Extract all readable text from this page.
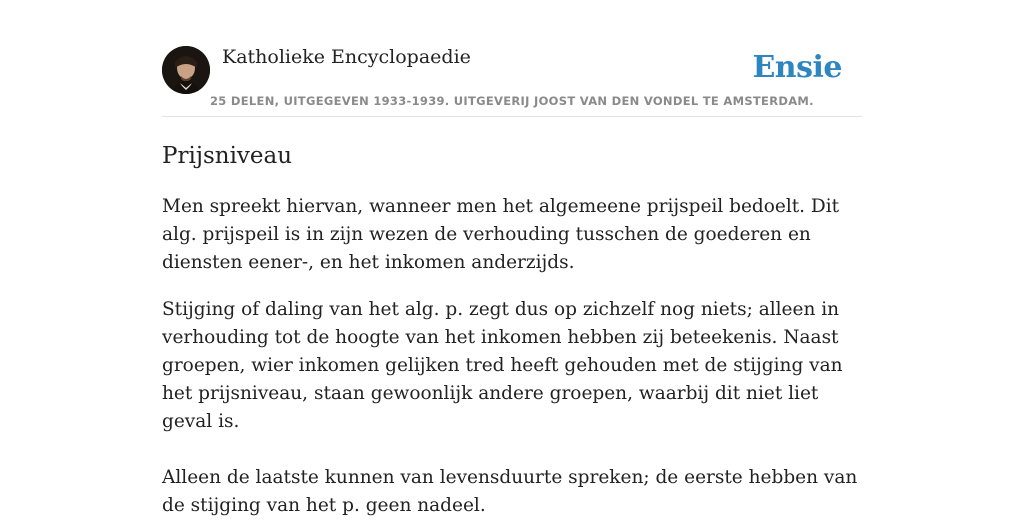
Katholieke Encyclopaedie	Ensie
25 DELEN, UITGEGEVEN 1933-1939. UITGEVERIJ JOOST VAN DEN VONDEL TE AMSTERDAM.
Prijsniveau

Men spreekt hiervan, wanneer men het algemeene prijspeil bedoelt. Dit alg. prijspeil is in zijn wezen de verhouding tusschen de goederen en diensten eener-, en het inkomen anderzijds.

Stijging of daling van het alg. p. zegt dus op zichzelf nog niets; alleen in verhouding tot de hoogte van het inkomen hebben zij beteekenis. Naast groepen, wier inkomen gelijken tred heeft gehouden met de stijging van het prijsniveau, staan gewoonlijk andere groepen, waarbij dit niet liet geval is.

Alleen de laatste kunnen van levensduurte spreken; de eerste hebben van de stijging van het p. geen nadeel.
